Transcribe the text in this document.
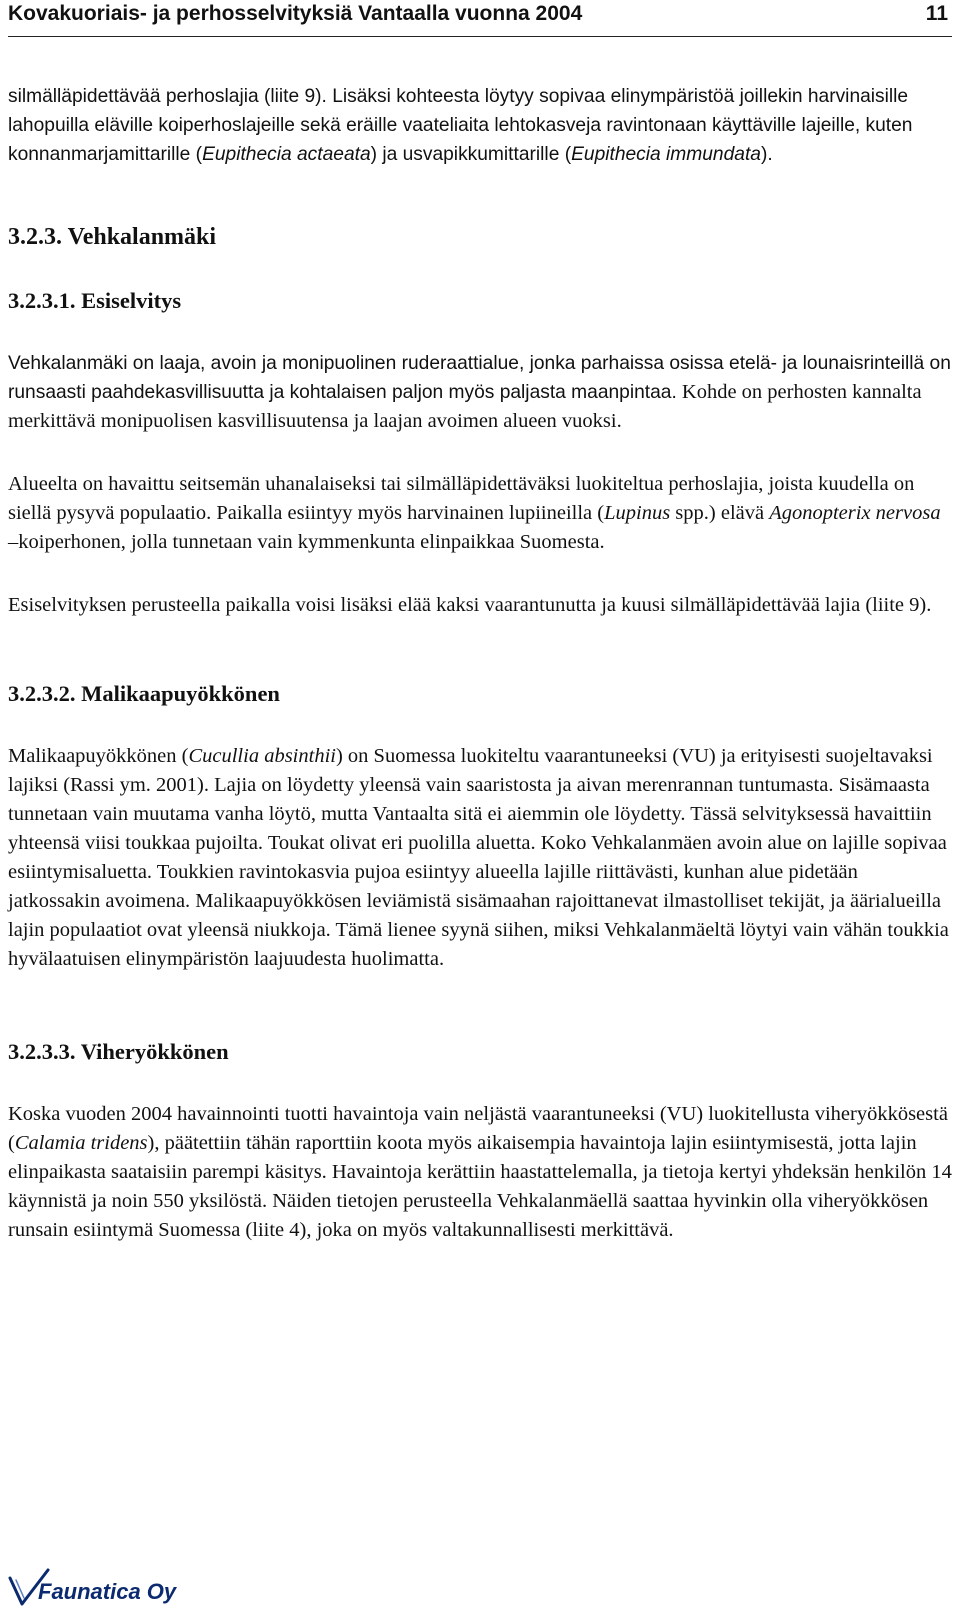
Kovakuoriais- ja perhosselvityksiä Vantaalla vuonna 2004	11

silmälläpidettävää perhoslajia (liite 9). Lisäksi kohteesta löytyy sopivaa elinympäristöä joillekin harvinaisille lahopuilla eläville koiperhoslajeille sekä eräille vaateliaita lehtokasveja ravintonaan käyttäville lajeille, kuten konnanmarjamittarille (Eupithecia actaeata) ja usvapikkumittarille (Eupithecia immundata).

3.2.3. Vehkalanmäki
3.2.3.1. Esiselvitys

Vehkalanmäki on laaja, avoin ja monipuolinen ruderaattialue, jonka parhaissa osissa etelä- ja lounaisrinteillä on runsaasti paahdekasvillisuutta ja kohtalaisen paljon myös paljasta maanpintaa. Kohde on perhosten kannalta merkittävä monipuolisen kasvillisuutensa ja laajan avoimen alueen vuoksi.

Alueelta on havaittu seitsemän uhanalaiseksi tai silmälläpidettäväksi luokiteltua perhoslajia, joista kuudella on siellä pysyvä populaatio. Paikalla esiintyy myös harvinainen lupiineilla (Lupinus spp.) elävä Agonopterix nervosa –koiperhonen, jolla tunnetaan vain kymmenkunta elinpaikkaa Suomesta.

Esiselvityksen perusteella paikalla voisi lisäksi elää kaksi vaarantunutta ja kuusi silmälläpidettävää lajia (liite 9).

3.2.3.2. Malikaapuyökkönen

Malikaapuyökkönen (Cucullia absinthii) on Suomessa luokiteltu vaarantuneeksi (VU) ja erityisesti suojeltavaksi lajiksi (Rassi ym. 2001). Lajia on löydetty yleensä vain saaristosta ja aivan merenrannan tuntumasta. Sisämaasta tunnetaan vain muutama vanha löytö, mutta Vantaalta sitä ei aiemmin ole löydetty. Tässä selvityksessä havaittiin yhteensä viisi toukkaa pujoilta. Toukat olivat eri puolilla aluetta. Koko Vehkalanmäen avoin alue on lajille sopivaa esiintymisaluetta. Toukkien ravintokasvia pujoa esiintyy alueella lajille riittävästi, kunhan alue pidetään jatkossakin avoimena. Malikaapuyökkösen leviämistä sisämaahan rajoittanevat ilmastolliset tekijät, ja äärialueilla lajin populaatiot ovat yleensä niukkoja. Tämä lienee syynä siihen, miksi Vehkalanmäeltä löytyi vain vähän toukkia hyvälaatuisen elinympäristön laajuudesta huolimatta.

3.2.3.3. Viheryökkönen

Koska vuoden 2004 havainnointi tuotti havaintoja vain neljästä vaarantuneeksi (VU) luokitellusta viheryökkösestä (Calamia tridens), päätettiin tähän raporttiin koota myös aikaisempia havaintoja lajin esiintymisestä, jotta lajin elinpaikasta saataisiin parempi käsitys. Havaintoja kerättiin haastattelemalla, ja tietoja kertyi yhdeksän henkilön 14 käynnistä ja noin 550 yksilöstä. Näiden tietojen perusteella Vehkalanmäellä saattaa hyvinkin olla viheryökkösen runsain esiintymä Suomessa (liite 4), joka on myös valtakunnallisesti merkittävä.

Faunatica Oy
